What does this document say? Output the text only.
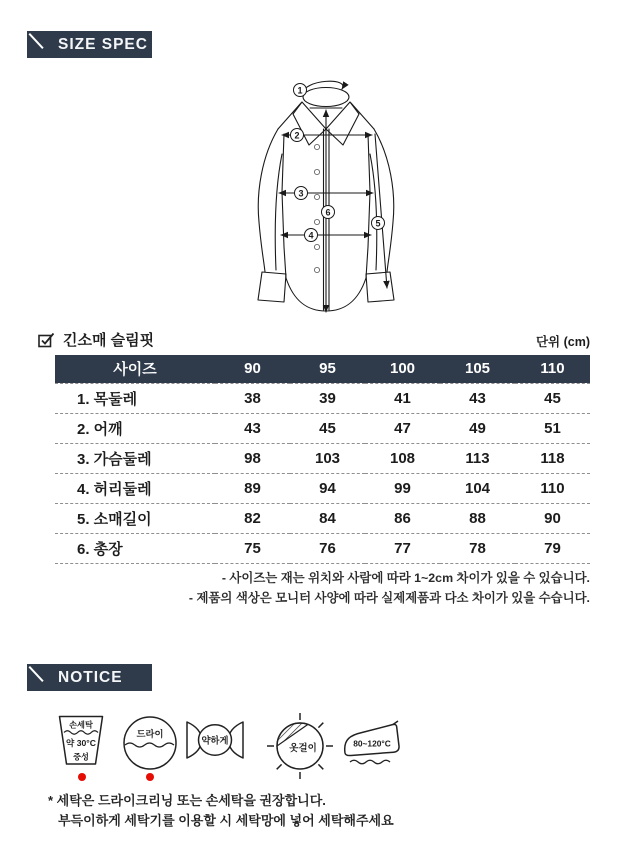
SIZE SPEC
1
2
3
4
5
6
긴소매 슬림핏	단위 (cm)
사이즈	90	95	100	105	110
1. 목둘레	38	39	41	43	45
2. 어깨	43	45	47	49	51
3. 가슴둘레	98	103	108	113	118
4. 허리둘레	89	94	99	104	110
5. 소매길이	82	84	86	88	90
6. 총장	75	76	77	78	79
- 사이즈는 재는 위치와 사람에 따라 1~2cm 차이가 있을 수 있습니다.
- 제품의 색상은 모니터 사양에 따라 실제제품과 다소 차이가 있을 수습니다.
NOTICE
손세탁
약 30°C
중성
드라이
약하게
옷걸이	80~120°C
* 세탁은 드라이크리닝 또는 손세탁을 권장합니다.
부득이하게 세탁기를 이용할 시 세탁망에 넣어 세탁해주세요
